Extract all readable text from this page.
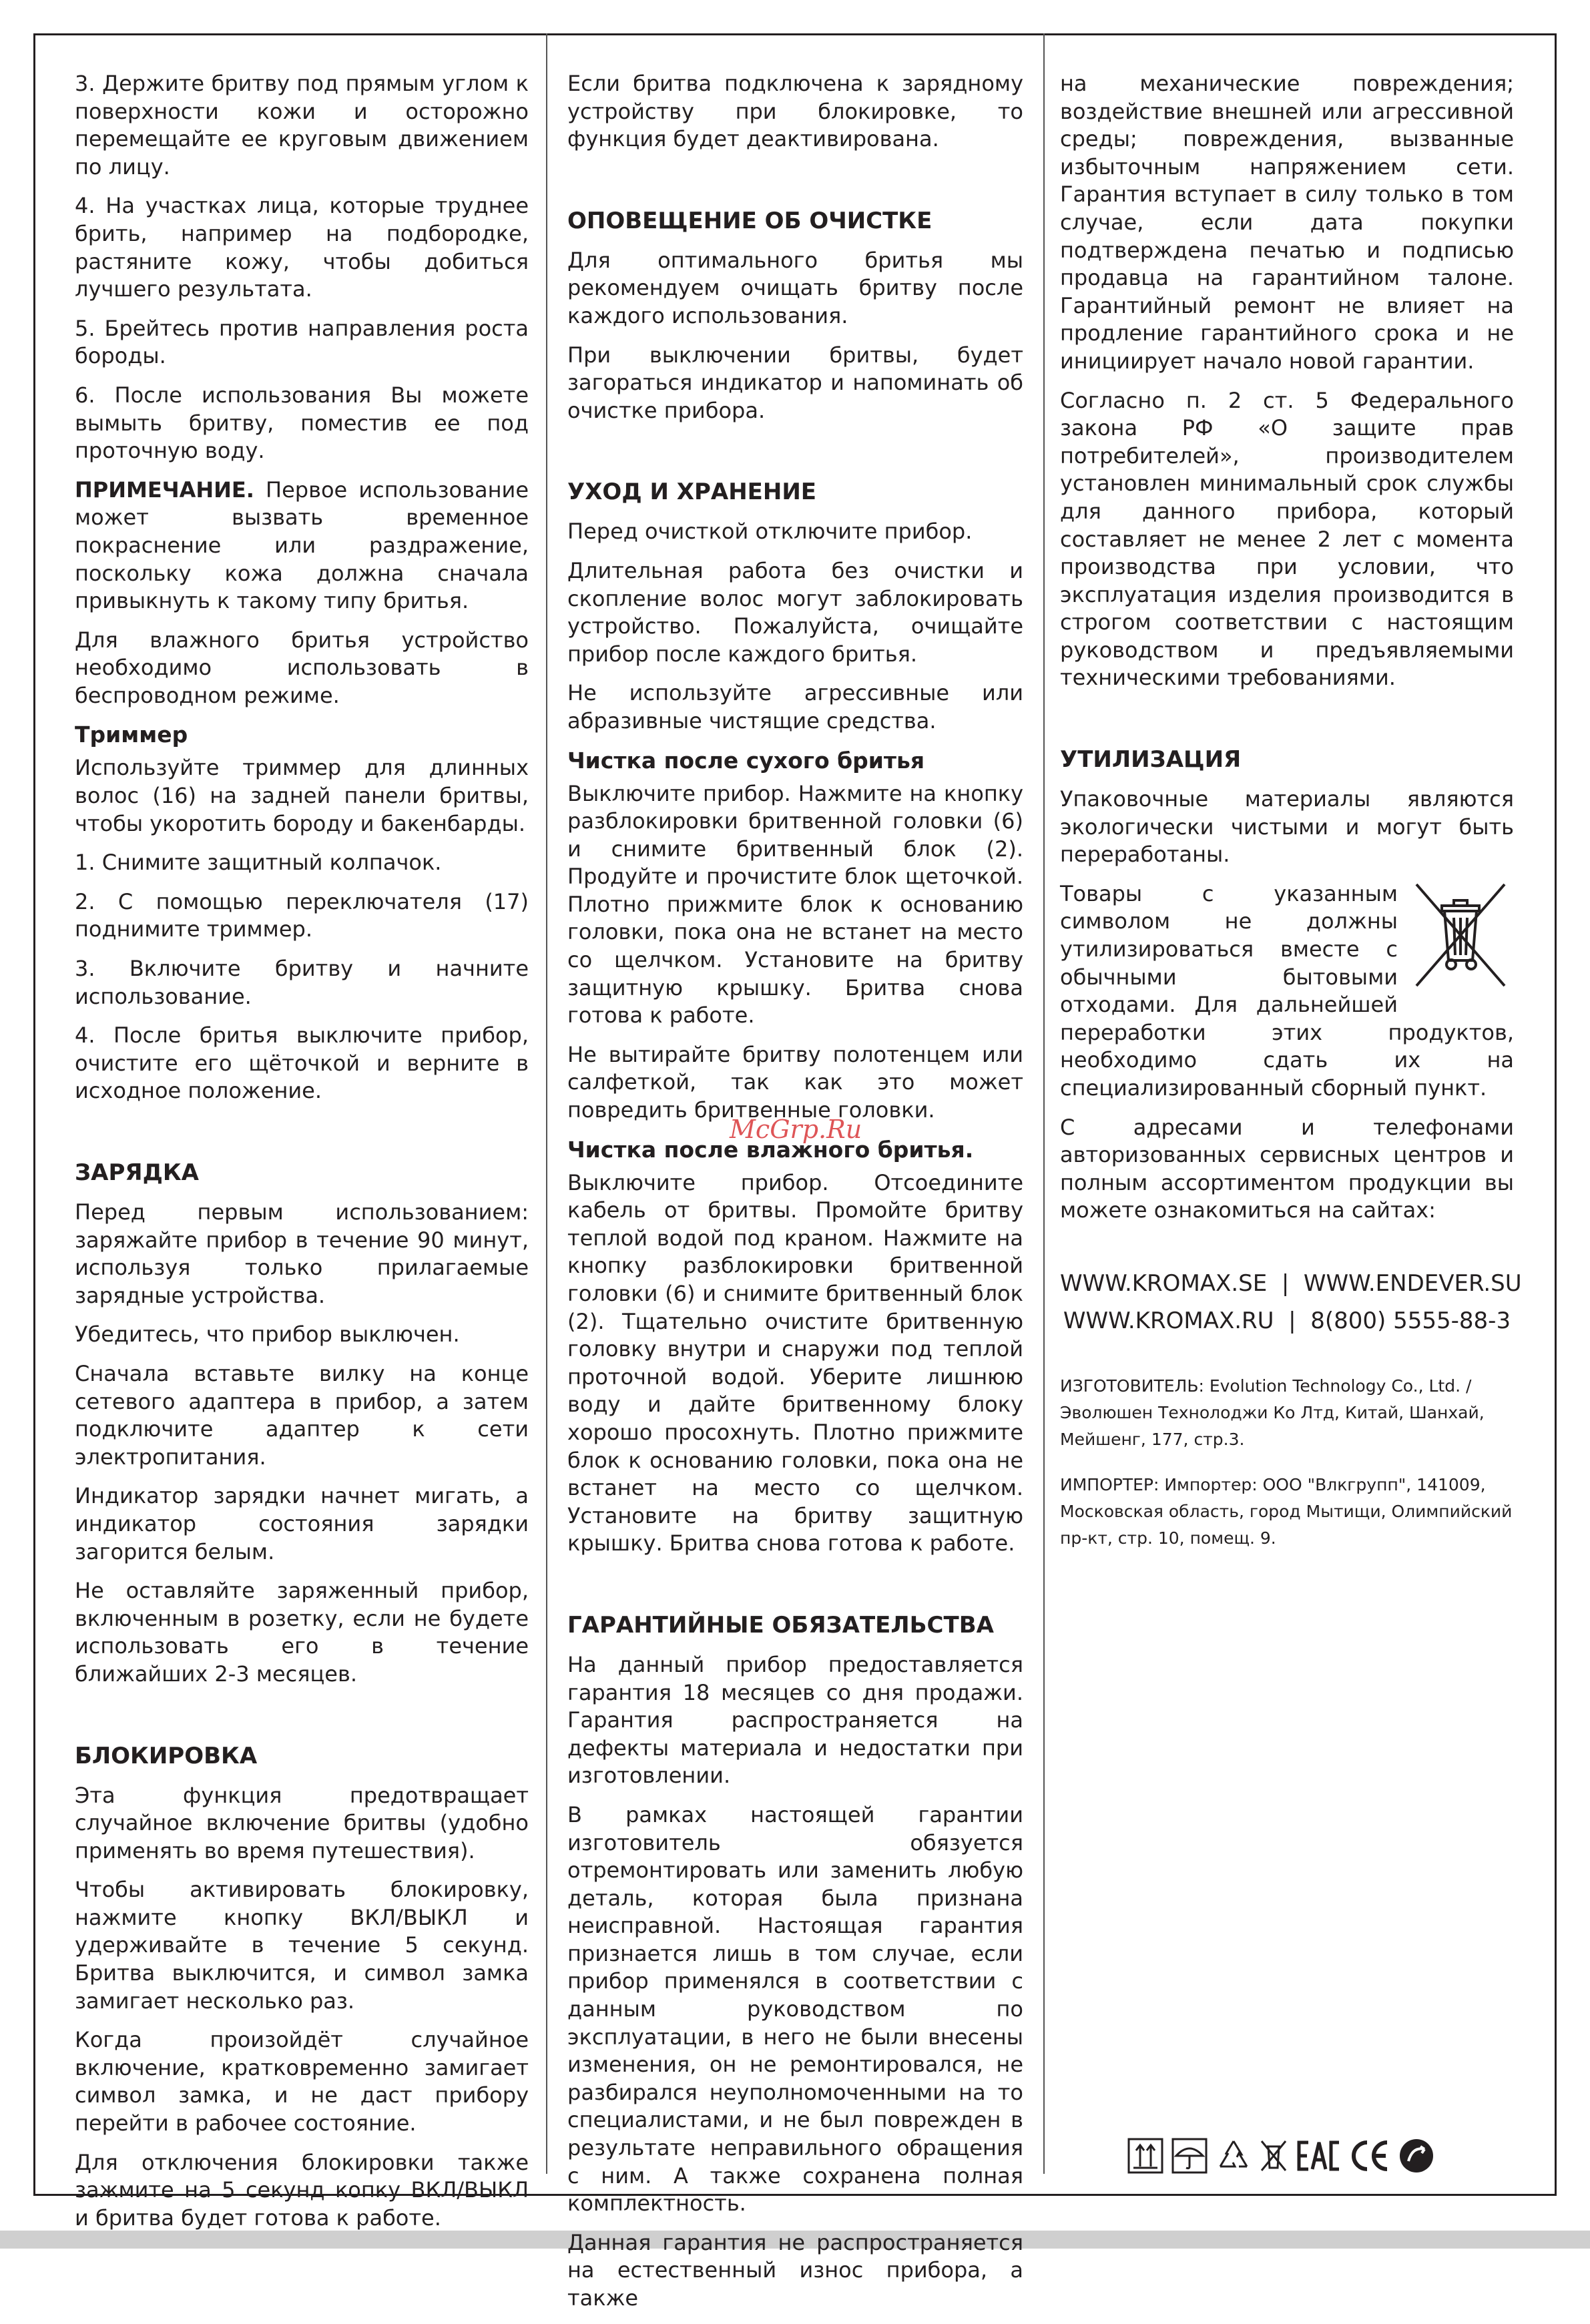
3. Держите бритву под прямым углом к поверхности кожи и осторожно перемещайте ее круговым движением по лицу.

4. На участках лица, которые труднее брить, например на подбородке, растяните кожу, чтобы добиться лучшего результата.

5. Брейтесь против направления роста бороды.

6. После использования Вы можете вымыть бритву, поместив ее под проточную воду.

ПРИМЕЧАНИЕ. Первое использование может вызвать временное покраснение или раздражение, поскольку кожа должна сначала привыкнуть к такому типу бритья.

Для влажного бритья устройство необходимо использовать в беспроводном режиме.

Триммер

Используйте триммер для длинных волос (16) на задней панели бритвы, чтобы укоротить бороду и бакенбарды.

1. Снимите защитный колпачок.

2. С помощью переключателя (17) поднимите триммер.

3. Включите бритву и начните использование.

4. После бритья выключите прибор, очистите его щёточкой и верните в исходное положение.

ЗАРЯДКА

Перед первым использованием: заряжайте прибор в течение 90 минут, используя только прилагаемые зарядные устройства.

Убедитесь, что прибор выключен.

Сначала вставьте вилку на конце сетевого адаптера в прибор, а затем подключите адаптер к сети электропитания.

Индикатор зарядки начнет мигать, а индикатор состояния зарядки загорится белым.

Не оставляйте заряженный прибор, включенным в розетку, если не будете использовать его в течение ближайших 2-3 месяцев.

БЛОКИРОВКА

Эта функция предотвращает случайное включение бритвы (удобно применять во время путешествия).

Чтобы активировать блокировку, нажмите кнопку ВКЛ/ВЫКЛ и удерживайте в течение 5 секунд. Бритва выключится, и символ замка замигает несколько раз.

Когда произойдёт случайное включение, кратковременно замигает символ замка, и не даст прибору перейти в рабочее состояние.

Для отключения блокировки также зажмите на 5 секунд копку ВКЛ/ВЫКЛ и бритва будет готова к работе.

Если бритва подключена к зарядному устройству при блокировке, то функция будет деактивирована.

ОПОВЕЩЕНИЕ ОБ ОЧИСТКЕ

Для оптимального бритья мы рекомендуем очищать бритву после каждого использования.

При выключении бритвы, будет загораться индикатор и напоминать об очистке прибора.

УХОД И ХРАНЕНИЕ

Перед очисткой отключите прибор.

Длительная работа без очистки и скопление волос могут заблокировать устройство. Пожалуйста, очищайте прибор после каждого бритья.

Не используйте агрессивные или абразивные чистящие средства.

Чистка после сухого бритья

Выключите прибор. Нажмите на кнопку разблокировки бритвенной головки (6) и снимите бритвенный блок (2). Продуйте и прочистите блок щеточкой. Плотно прижмите блок к основанию головки, пока она не встанет на место со щелчком. Установите на бритву защитную крышку. Бритва снова готова к работе.

Не вытирайте бритву полотенцем или салфеткой, так как это может повредить бритвенные головки.

Чистка после влажного бритья.

Выключите прибор. Отсоедините кабель от бритвы. Промойте бритву теплой водой под краном. Нажмите на кнопку разблокировки бритвенной головки (6) и снимите бритвенный блок (2). Тщательно очистите бритвенную головку внутри и снаружи под теплой проточной водой. Уберите лишнюю воду и дайте бритвенному блоку хорошо просохнуть. Плотно прижмите блок к основанию головки, пока она не встанет на место со щелчком. Установите на бритву защитную крышку. Бритва снова готова к работе.

ГАРАНТИЙНЫЕ ОБЯЗАТЕЛЬСТВА

На данный прибор предоставляется гарантия 18 месяцев со дня продажи. Гарантия распространяется на дефекты материала и недостатки при изготовлении.

В рамках настоящей гарантии изготовитель обязуется отремонтировать или заменить любую деталь, которая была признана неисправной. Настоящая гарантия признается лишь в том случае, если прибор применялся в соответствии с данным руководством по эксплуатации, в него не были внесены изменения, он не ремонтировался, не разбирался неуполномоченными на то специалистами, и не был поврежден в результате неправильного обращения с ним. А также сохранена полная комплектность.

Данная гарантия не распространяется на естественный износ прибора, а также

на механические повреждения; воздействие внешней или агрессивной среды; повреждения, вызванные избыточным напряжением сети. Гарантия вступает в силу только в том случае, если дата покупки подтверждена печатью и подписью продавца на гарантийном талоне. Гарантийный ремонт не влияет на продление гарантийного срока и не инициирует начало новой гарантии.

Согласно п. 2 ст. 5 Федерального закона РФ «О защите прав потребителей», производителем установлен минимальный срок службы для данного прибора, который составляет не менее 2 лет с момента производства при условии, что эксплуатация изделия производится в строгом соответствии с настоящим руководством и предъявляемыми техническими требованиями.

УТИЛИЗАЦИЯ

Упаковочные материалы являются экологически чистыми и могут быть переработаны.

Товары с указанным символом не должны утилизироваться вместе с обычными бытовыми отходами. Для дальнейшей переработки этих продуктов, необходимо сдать их на специализированный сборный пункт.

С адресами и телефонами авторизованных сервисных центров и полным ассортиментом продукции вы можете ознакомиться на сайтах:

WWW.KROMAX.SE  |  WWW.ENDEVER.SU
WWW.KROMAX.RU  |  8(800) 5555-88-3

ИЗГОТОВИТЕЛЬ: Evolution Technology Co., Ltd. / Эволюшен Технолоджи Ко Лтд, Китай, Шанхай, Мейшенг, 177, стр.3.

ИМПОРТЕР: Импортер: ООО "Влкгрупп", 141009, Московская область, город Мытищи, Олимпийский пр-кт, стр. 10, помещ. 9.

McGrp.Ru
